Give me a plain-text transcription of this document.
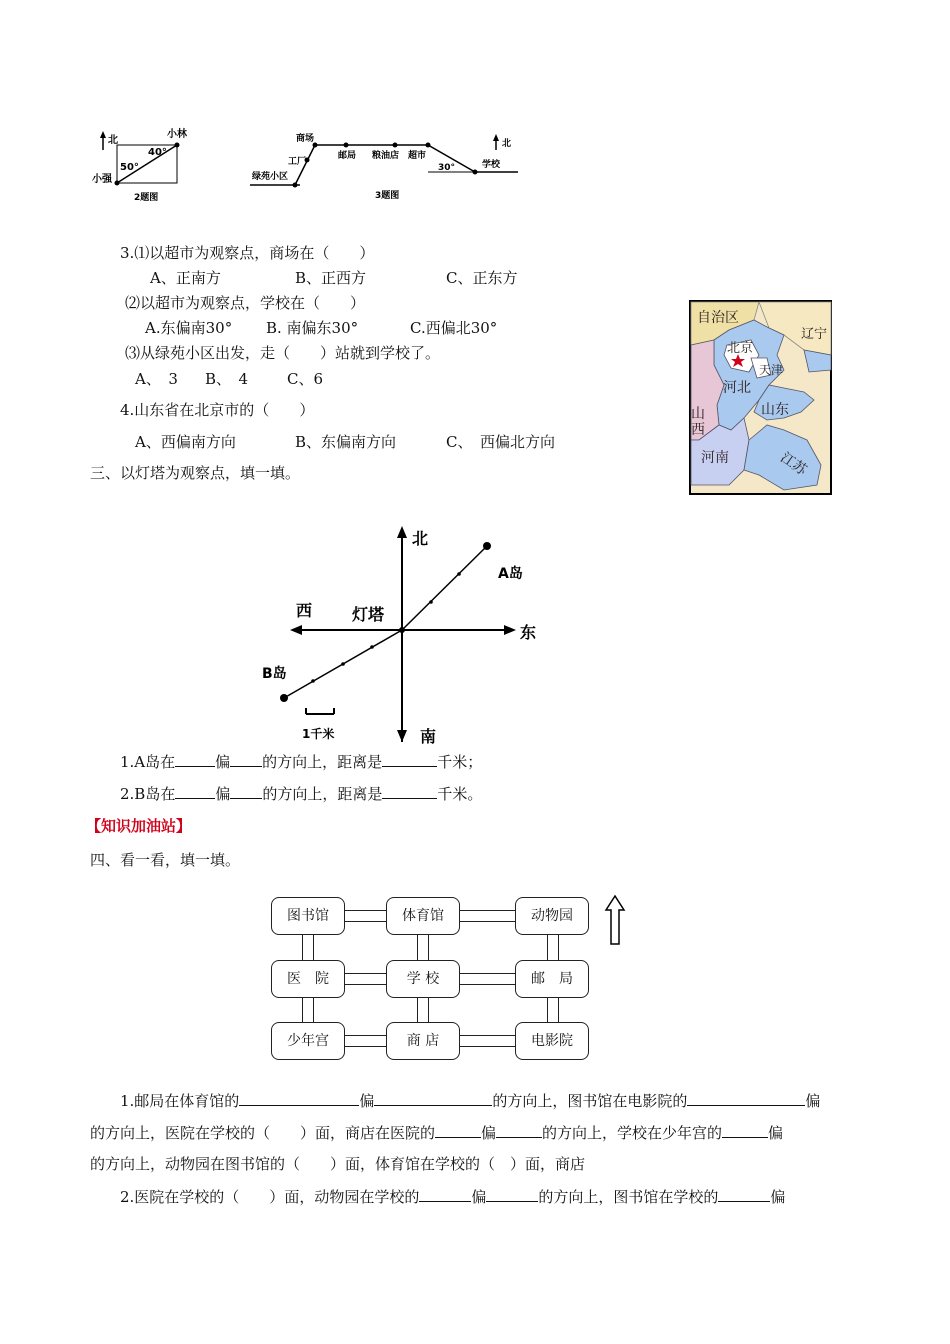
北
小林
40°
50°
小强
2题图
商场
工厂
绿苑小区
邮局 粮油店 超市
30°	学校
北
3题图
3.⑴以超市为观察点，商场在（　　）
A、正南方	B、正西方	C、正东方
⑵以超市为观察点，学校在（　　）
A.东偏南30° B. 南偏东30°	C.西偏北30°
⑶从绿苑小区出发，走（　　）站就到学校了。
A、　3 B、　4	C、6
4.山东省在北京市的（　　）
A、西偏南方向	B、东偏南方向	C、　西偏北方向
自治区
辽宁
北京
天津
河北
山东
山
西
河南	江苏
三、以灯塔为观察点，填一填。
北
南
东
西 灯塔
A岛
B岛
1千米
1.A岛在	偏 的方向上，距离是	千米；
2.B岛在	偏 的方向上，距离是	千米。
【知识加油站】
四、看一看，填一填。
图书馆	体育馆	动物园
医　院	学 校	邮　局
少年宫	商 店	电影院
1.邮局在体育馆的	偏	的方向上，图书馆在电影院的	偏
的方向上，医院在学校的（　　）面，商店在医院的	偏	的方向上，学校在少年宫的	偏
的方向上，动物园在图书馆的（　　）面，体育馆在学校的（　）面，商店
2.医院在学校的（　　）面，动物园在学校的	偏	的方向上，图书馆在学校的	偏
